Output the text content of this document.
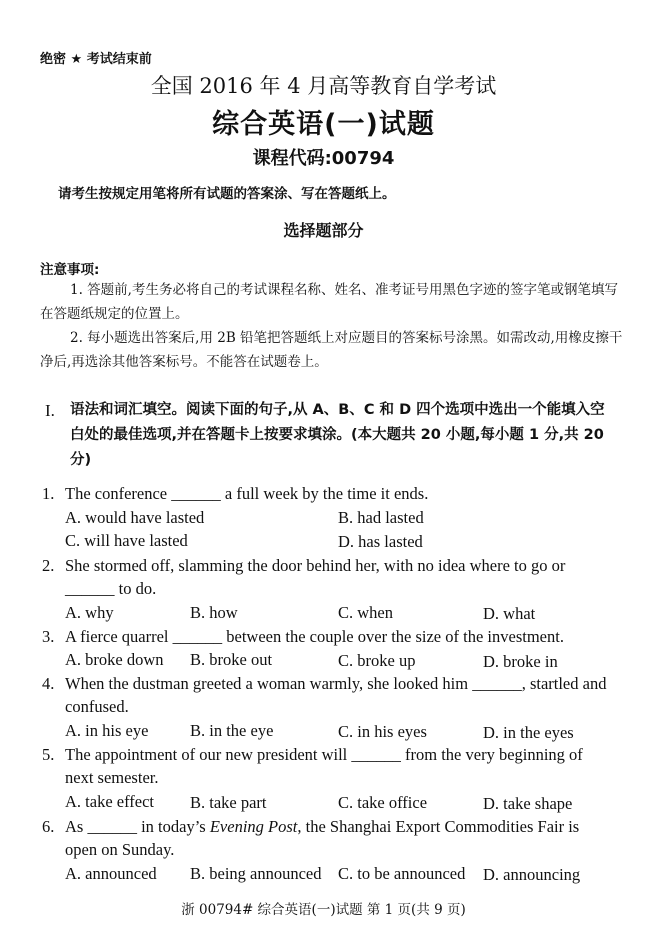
绝密 ★ 考试结束前
全国 2016 年 4 月高等教育自学考试
综合英语(一)试题
课程代码:00794
请考生按规定用笔将所有试题的答案涂、写在答题纸上。
选择题部分
注意事项:
1. 答题前,考生务必将自己的考试课程名称、姓名、准考证号用黑色字迹的签字笔或钢笔填写在答题纸规定的位置上。
2. 每小题选出答案后,用 2B 铅笔把答题纸上对应题目的答案标号涂黑。如需改动,用橡皮擦干净后,再选涂其他答案标号。不能答在试题卷上。
I. 语法和词汇填空。阅读下面的句子,从 A、B、C 和 D 四个选项中选出一个能填入空白处的最佳选项,并在答题卡上按要求填涂。(本大题共 20 小题,每小题 1 分,共 20 分)
1. The conference ______ a full week by the time it ends.
A. would have lasted	B. had lasted
C. will have lasted	D. has lasted
2. She stormed off, slamming the door behind her, with no idea where to go or ______ to do.
A. why	B. how	C. when	D. what
3. A fierce quarrel ______ between the couple over the size of the investment.
A. broke down B. broke out	C. broke up	D. broke in
4. When the dustman greeted a woman warmly, she looked him ______, startled and confused.
A. in his eye	B. in the eye	C. in his eyes	D. in the eyes
5. The appointment of our new president will ______ from the very beginning of next semester.
A. take effect B. take part	C. take office	D. take shape
6. As ______ in today’s Evening Post, the Shanghai Export Commodities Fair is open on Sunday.
A. announced B. being announced C. to be announced D. announcing
浙 00794# 综合英语(一)试题 第 1 页(共 9 页)
